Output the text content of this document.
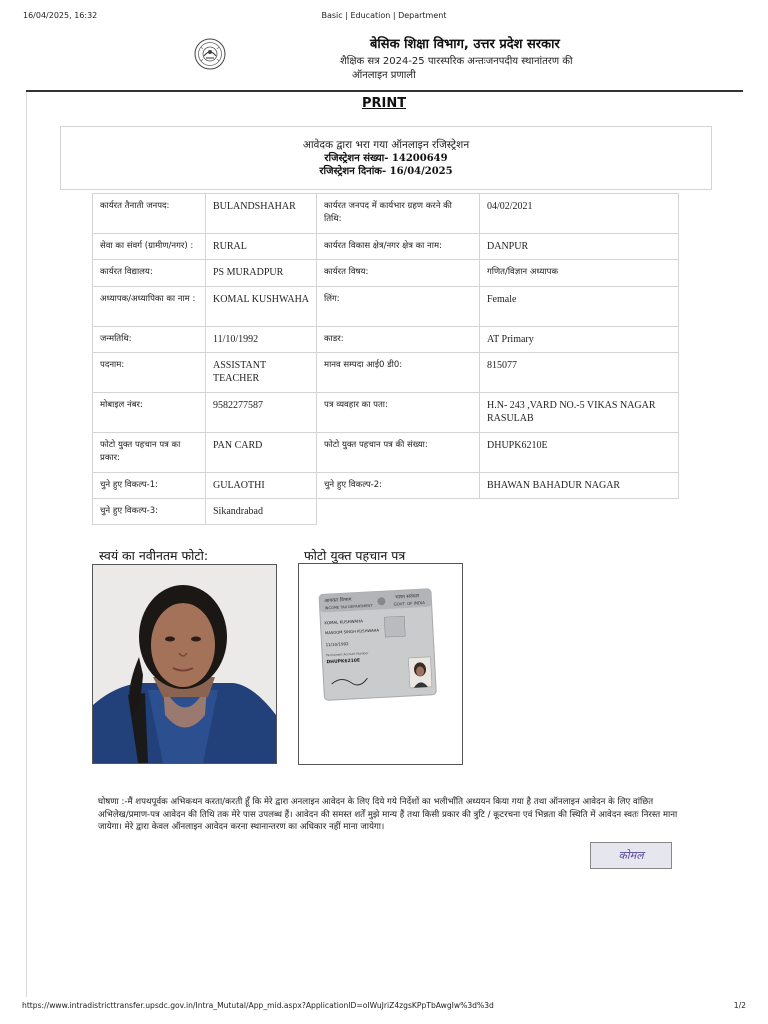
16/04/2025, 16:32	Basic | Education | Department
बेसिक शिक्षा विभाग, उत्तर प्रदेश सरकार
शैक्षिक सत्र 2024-25 पारस्परिक अन्तःजनपदीय स्थानांतरण की
ऑनलाइन प्रणाली
PRINT
आवेदक द्वारा भरा गया ऑनलाइन रजिस्ट्रेशन
रजिस्ट्रेशन संख्या- 14200649
रजिस्ट्रेशन दिनांक- 16/04/2025
कार्यरत तैनाती जनपद:	BULANDSHAHAR	कार्यरत जनपद में कार्यभार ग्रहण करने की तिथि:	04/02/2021
सेवा का संवर्ग (ग्रामीण/नगर) :	RURAL	कार्यरत विकास क्षेत्र/नगर क्षेत्र का नाम:	DANPUR
कार्यरत विद्यालय:	PS MURADPUR	कार्यरत विषय:	गणित/विज्ञान अध्यापक
अध्यापक/अध्यापिका का नाम :	KOMAL KUSHWAHA	लिंग:	Female
जन्मतिथि:	11/10/1992	काडर:	AT Primary
पदनाम:	ASSISTANT TEACHER	मानव सम्पदा आई0 डी0:	815077
मोबाइल नंबर:	9582277587	पत्र व्यवहार का पता:	H.N- 243 ,VARD NO.-5 VIKAS NAGAR RASULAB
फोटो युक्त पहचान पत्र का प्रकार:	PAN CARD	फोटो युक्त पहचान पत्र की संख्या:	DHUPK6210E
चुने हुए विकल्प-1:	GULAOTHI	चुने हुए विकल्प-2:	BHAWAN BAHADUR NAGAR
चुने हुए विकल्प-3:	Sikandrabad		
स्वयं का नवीनतम फोटो:	फोटो युक्त पहचान पत्र
आयकर विभाग
INCOME TAX DEPARTMENT
भारत सरकार
GOVT. OF INDIA
KOMAL KUSHWAHA
MASOOM SINGH KUSHWAHA
11/10/1992
Permanent Account Number
DHUPK6210E
घोषणा :-मैं शपथपूर्वक अभिकथन करता/करती हूँ कि मेरे द्वारा अनलाइन आवेदन के लिए दिये गये निर्देशों का भलीभाँति अध्ययन किया गया है तथा ऑनलाइन आवेदन के लिए वांछित अभिलेख/प्रमाण-पत्र आवेदन की तिथि तक मेरे पास उपलब्ध हैं। आवेदन की समस्त शर्तें मुझे मान्य हैं तथा किसी प्रकार की त्रुटि / कूटरचना एवं भिन्नता की स्थिति में आवेदन स्वतः निरस्त माना जायेगा। मेरे द्वारा केवल ऑनलाइन आवेदन करना स्थानान्तरण का अधिकार नहीं माना जायेगा।
कोमल
https://www.intradistricttransfer.upsdc.gov.in/Intra_Mututal/App_mid.aspx?ApplicationID=oIWuJriZ4zgsKPpTbAwgIw%3d%3d	1/2
